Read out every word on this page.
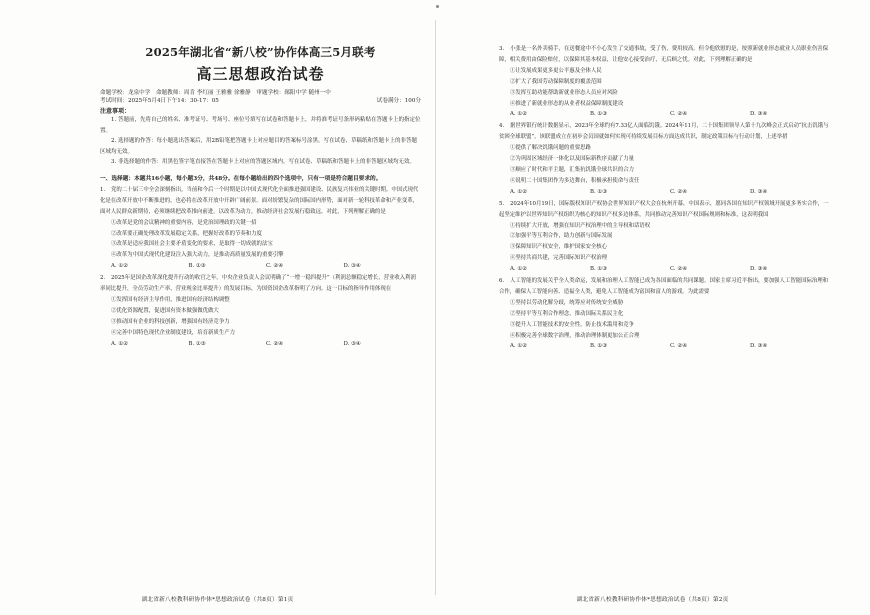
2025年湖北省“新八校”协作体高三5月联考
高三思想政治试卷
命题学校：龙泉中学　命题教师：周肯 李红丽 王雅雅 徐雅静　审题学校：郧阳中学 随州一中
考试时间：2025年5月4日下午14：30-17：05	试卷满分：100分
注意事项：

1. 答题前，先将自己的姓名、准考证号、考场号、座位号填写在试卷和答题卡上，并将准考证号条形码粘贴在答题卡上的指定位置。

2. 选择题的作答：每小题选出答案后，用2B铅笔把答题卡上对应题目的答案标号涂黑。写在试卷、草稿纸和答题卡上的非答题区域均无效。

3. 非选择题的作答：用黑色签字笔直接答在答题卡上对应的答题区域内。写在试卷、草稿纸和答题卡上的非答题区域均无效。

一、选择题：本题共16小题，每小题3分，共48分。在每小题给出的四个选项中，只有一项是符合题目要求的。

1. 党的二十届三中全会深刻指出，当前和今后一个时期是以中国式现代化全面推进强国建设、民族复兴伟业的关键时期。中国式现代化是在改革开放中不断推进的，也必将在改革开放中开辟广阔前景。面对纷繁复杂的国际国内形势，面对新一轮科技革命和产业变革，面对人民群众新期待，必须继续把改革推向前进。以改革为动力，推动经济社会发展行稳致远。对此，下列理解正确的是

①改革是党的会议精神的重要内容，是党治国理政的关键一招

②改革要正确处理改革发展稳定关系，把握好改革的节奏和力度

③改革是适应我国社会主要矛盾变化的要求，是取得一切成就的法宝

④改革为中国式现代化建设注入强大动力，是推动高质量发展的重要引擎

A. ①②	B. ①③	C. ②④	D. ③④

2. 2025年是国企改革深化提升行动的收官之年。中央企业负责人会议明确了“一增一稳四提升”（利润总额稳定增长，营业收入利润率同比提升，全员劳动生产率、营业现金比率提升）的发展目标，为国资国企改革指明了方向。这一目标的指导作用体现在

①发挥国有经济主导作用，推进国有经济结构调整

②优化资源配置，促进国有资本做强做优做大

③推动国有企业的科技创新，增强国有经济竞争力

④完善中国特色现代企业制度建设，培育新质生产力

A. ①②	B. ①③	C. ②④	D. ③④
湖北省新八校教科研协作体*思想政治试卷（共8页）第1页

3. 小张是一名外卖骑手，在送餐途中不小心发生了交通事故，受了伤，费用较高。但令他欣慰的是，按照新就业形态就业人员职业伤害保障，相关费用由保险赔付，以保障其基本权益，让他安心接受治疗，无后顾之忧。对此，下列理解正确的是

①让发展成果更多更公平惠及全体人民

②扩大了我国劳动保障制度的覆盖范围

③发挥互助功能帮助新就业形态人员应对风险

④推进了新就业形态的从业者权益保障制度建设

A. ①②	B. ①③	C. ②④	D. ③④

4. 据世界银行统计数据显示，2023年全球约有7.33亿人面临饥饿。2024年11月，二十国集团领导人第十九次峰会正式启动“抗击饥饿与贫困全球联盟”，该联盟成立在初步会员国就如何实现可持续发展目标方面达成共识，制定政策目标与行动计划，上述举措

①提供了解决饥饿问题的重要思路

②为巩固区域经济一体化以及国际新秩序贡献了力量

③顺应了时代和平主题，汇集抗饥饿全球共识的合力

④说明二十国集团作为多边舞台，积极承担使命与责任

A. ①②	B. ①③	C. ②④	D. ③④

5. 2024年10月19日，国际版权知识产权协会世界知识产权大会在杭州开幕，中国表示，愿同各国在知识产权领域开展更多务实合作，一起坚定维护以世界知识产权组织为核心的知识产权多边体系，共同推动完善知识产权国际规则和标准，这表明我国

①持续扩大开放，增强在知识产权治理中的主导权和话语权

②加强平等互利合作，助力创新与国际发展

③保障知识产权安全，维护国家安全核心

④坚持共商共建，完善国际知识产权治理

A. ①②	B. ①③	C. ②④	D. ③④

6. 人工智能的发展关乎全人类命运，发展和治理人工智能已成为各国面临的共同课题。国家主席习近平指出，要加强人工智能国际治理和合作，确保人工智能向善、造福全人类，避免人工智能成为富国和富人的游戏。为此需要

①坚持以劳动化解分歧，统筹应对传统安全威胁

②坚持平等互利合作理念，推动国际关系民主化

③提升人工智能技术的安全性，防止技术滥用和竞争

④积极完善全球数字治理，推动治理体制更加公正合理

A. ①②	B. ①③	C. ②④	D. ③④
湖北省新八校教科研协作体*思想政治试卷（共8页）第2页
